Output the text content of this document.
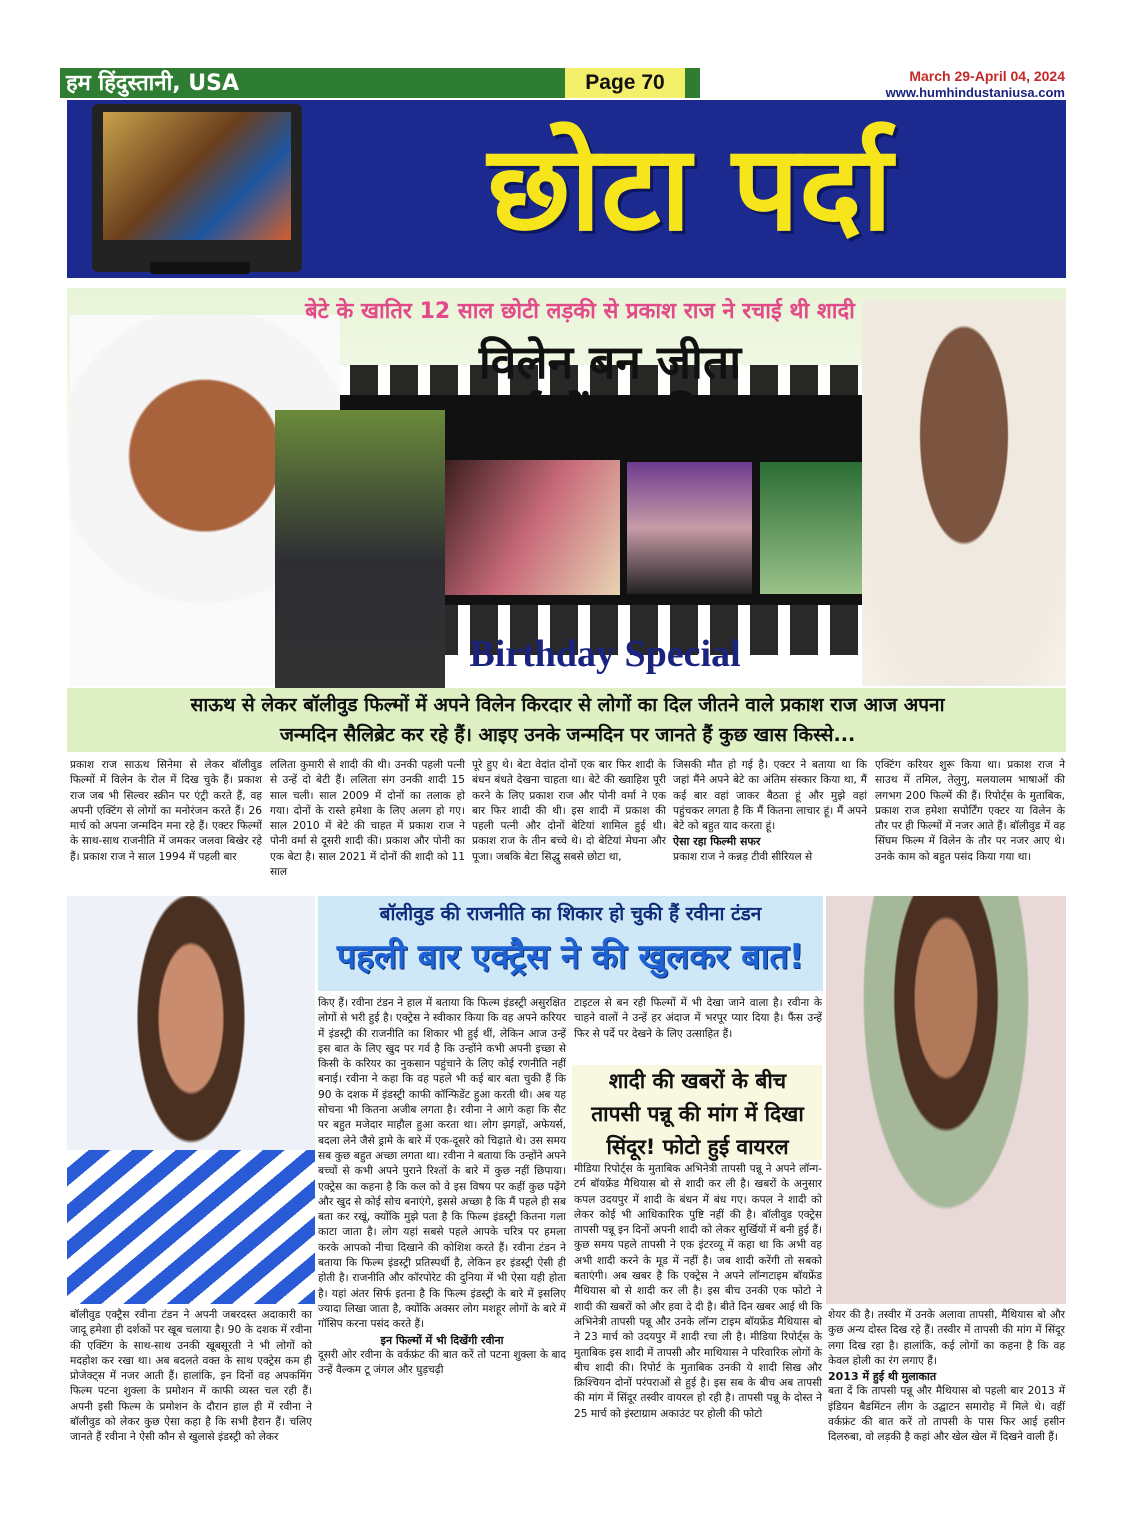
हम हिंदुस्तानी, USA	Page 70	March 29-April 04, 2024
www.humhindustaniusa.com
छोटा पर्दा
बेटे के खातिर 12 साल छोटी लड़की से प्रकाश राज ने रचाई थी शादी
विलेन बन जीता
दर्शकों का दिल
Birthday Special
साऊथ से लेकर बॉलीवुड फिल्मों में अपने विलेन किरदार से लोगों का दिल जीतने वाले प्रकाश राज आज अपना
जन्मदिन सैलिब्रेट कर रहे हैं। आइए उनके जन्मदिन पर जानते हैं कुछ खास किस्से...

प्रकाश राज साऊथ सिनेमा से लेकर बॉलीवुड फिल्मों में विलेन के रोल में दिख चुके हैं। प्रकाश राज जब भी सिल्वर स्क्रीन पर एंट्री करते हैं, वह अपनी एक्टिंग से लोगों का मनोरंजन करते हैं। 26 मार्च को अपना जन्मदिन मना रहे हैं। एक्टर फिल्मों के साथ-साथ राजनीति में जमकर जलवा बिखेर रहे हैं। प्रकाश राज ने साल 1994 में पहली बार

ललिता कुमारी से शादी की थी। उनकी पहली पत्नी से उन्हें दो बेटी हैं। ललिता संग उनकी शादी 15 साल चली। साल 2009 में दोनों का तलाक हो गया। दोनों के रास्ते हमेशा के लिए अलग हो गए। साल 2010 में बेटे की चाहत में प्रकाश राज ने पोनी वर्मा से दूसरी शादी की। प्रकाश और पोनी का एक बेटा है। साल 2021 में दोनों की शादी को 11 साल

पूरे हुए थे। बेटा वेदांत दोनों एक बार फिर शादी के बंधन बंधते देखना चाहता था। बेटे की ख्वाहिश पूरी करने के लिए प्रकाश राज और पोनी वर्मा ने एक बार फिर शादी की थी। इस शादी में प्रकाश की पहली पत्नी और दोनों बेटियां शामिल हुई थी। प्रकाश राज के तीन बच्चे थे। दो बेटियां मेघना और पूजा। जबकि बेटा सिद्धु सबसे छोटा था,

जिसकी मौत हो गई है। एक्टर ने बताया था कि जहां मैंने अपने बेटे का अंतिम संस्कार किया था, मैं कई बार वहां जाकर बैठता हूं और मुझे वहां पहुंचकर लगता है कि मैं कितना लाचार हूं। मैं अपने बेटे को बहुत याद करता हूं।

ऐसा रहा फिल्मी सफर

प्रकाश राज ने कन्नड़ टीवी सीरियल से

एक्टिंग करियर शुरू किया था। प्रकाश राज ने साउथ में तमिल, तेलुगु, मलयालम भाषाओं की लगभग 200 फिल्में की हैं। रिपोर्ट्स के मुताबिक, प्रकाश राज हमेशा सपोर्टिंग एक्टर या विलेन के तौर पर ही फिल्मों में नजर आते हैं। बॉलीवुड में वह सिंघम फिल्म में विलेन के तौर पर नजर आए थे। उनके काम को बहुत पसंद किया गया था।

बॉलीवुड की राजनीति का शिकार हो चुकी हैं रवीना टंडन
पहली बार एक्ट्रैस ने की खुलकर बात!

बॉलीवुड एक्ट्रैस रवीना टंडन ने अपनी जबरदस्त अदाकारी का जादू हमेशा ही दर्शकों पर खूब चलाया है। 90 के दशक में रवीना की एक्टिंग के साथ-साथ उनकी खूबसूरती ने भी लोगों को मदहोश कर रखा था। अब बदलते वक्त के साथ एक्ट्रेस कम ही प्रोजेक्ट्स में नजर आती हैं। हालांकि, इन दिनों वह अपकमिंग फिल्म पटना शुक्ला के प्रमोशन में काफी व्यस्त चल रही हैं। अपनी इसी फिल्म के प्रमोशन के दौरान हाल ही में रवीना ने बॉलीवुड को लेकर कुछ ऐसा कहा है कि सभी हैरान हैं। चलिए जानते हैं रवीना ने ऐसी कौन से खुलासे इंडस्ट्री को लेकर

किए हैं। रवीना टंडन ने हाल में बताया कि फिल्म इंडस्ट्री असुरक्षित लोगों से भरी हुई है। एक्ट्रेस ने स्वीकार किया कि वह अपने करियर में इंडस्ट्री की राजनीति का शिकार भी हुई थीं, लेकिन आज उन्हें इस बात के लिए खुद पर गर्व है कि उन्होंने कभी अपनी इच्छा से किसी के करियर का नुकसान पहुंचाने के लिए कोई रणनीति नहीं बनाई। रवीना ने कहा कि वह पहले भी कई बार बता चुकी हैं कि 90 के दशक में इंडस्ट्री काफी कॉन्फिडेंट हुआ करती थी। अब यह सोचना भी कितना अजीब लगता है। रवीना ने आगे कहा कि सैट पर बहुत मजेदार माहौल हुआ करता था। लोग झगड़ों, अफेयर्स, बदला लेने जैसे ड्रामे के बारे में एक-दूसरे को चिढ़ाते थे। उस समय सब कुछ बहुत अच्छा लगता था। रवीना ने बताया कि उन्होंने अपने बच्चों से कभी अपने पुराने रिश्तों के बारे में कुछ नहीं छिपाया। एक्ट्रेस का कहना है कि कल को वे इस विषय पर कहीं कुछ पढ़ेंगे और खुद से कोई सोच बनाएंगे, इससे अच्छा है कि मैं पहले ही सब बता कर रखूं, क्योंकि मुझे पता है कि फिल्म इंडस्ट्री कितना गला काटा जाता है। लोग यहां सबसे पहले आपके चरित्र पर हमला करके आपको नीचा दिखाने की कोशिश करते हैं। रवीना टंडन ने बताया कि फिल्म इंडस्ट्री प्रतिस्पर्धी है, लेकिन हर इंडस्ट्री ऐसी ही होती है। राजनीति और कॉरपोरेट की दुनिया में भी ऐसा यही होता है। यहां अंतर सिर्फ इतना है कि फिल्म इंडस्ट्री के बारे में इसलिए ज्यादा लिखा जाता है, क्योंकि अक्सर लोग मशहूर लोगों के बारे में गॉसिप करना पसंद करते हैं।

इन फिल्मों में भी दिखेंगी रवीना

दूसरी ओर रवीना के वर्कफ्रंट की बात करें तो पटना शुक्ला के बाद उन्हें वैल्कम टू जंगल और घुड़चढ़ी

टाइटल से बन रही फिल्मों में भी देखा जाने वाला है। रवीना के चाहने वालों ने उन्हें हर अंदाज में भरपूर प्यार दिया है। फैंस उन्हें फिर से पर्दे पर देखने के लिए उत्साहित हैं।

शादी की खबरों के बीच
तापसी पन्नू की मांग में दिखा
सिंदूर! फोटो हुई वायरल

मीडिया रिपोर्ट्स के मुताबिक अभिनेत्री तापसी पन्नू ने अपने लॉन्ग-टर्म बॉयफ्रेंड मैथियास बो से शादी कर ली है। खबरों के अनुसार कपल उदयपुर में शादी के बंधन में बंध गए। कपल ने शादी को लेकर कोई भी आधिकारिक पुष्टि नहीं की है। बॉलीवुड एक्ट्रेस तापसी पन्नू इन दिनों अपनी शादी को लेकर सुर्खियों में बनी हुई हैं। कुछ समय पहले तापसी ने एक इंटरव्यू में कहा था कि अभी वह अभी शादी करने के मूड में नहीं है। जब शादी करेंगी तो सबको बताएंगी। अब खबर है कि एक्ट्रेस ने अपने लॉन्गटाइम बॉयफ्रेंड मैथियास बो से शादी कर ली है। इस बीच उनकी एक फोटो ने शादी की खबरों को और हवा दे दी है। बीते दिन खबर आई थी कि अभिनेत्री तापसी पन्नू और उनके लॉन्ग टाइम बॉयफ्रेंड मैथियास बो ने 23 मार्च को उदयपुर में शादी रचा ली है। मीडिया रिपोर्ट्स के मुताबिक इस शादी में तापसी और माथियास ने परिवारिक लोगों के बीच शादी की। रिपोर्ट के मुताबिक उनकी ये शादी सिख और क्रिश्चियन दोनों परंपराओं से हुई है। इस सब के बीच अब तापसी की मांग में सिंदूर तस्वीर वायरल हो रही है। तापसी पन्नू के दोस्त ने 25 मार्च को इंस्टाग्राम अकाउंट पर होली की फोटो

शेयर की है। तस्वीर में उनके अलावा तापसी, मैथियास बो और कुछ अन्य दोस्त दिख रहे हैं। तस्वीर में तापसी की मांग में सिंदूर लगा दिख रहा है। हालांकि, कई लोगों का कहना है कि वह केवल होली का रंग लगाए हैं।

2013 में हुई थी मुलाकात

बता दें कि तापसी पन्नू और मैथियास बो पहली बार 2013 में इंडियन बैडमिंटन लीग के उद्घाटन समारोह में मिले थे। वहीं वर्कफ्रंट की बात करें तो तापसी के पास फिर आई हसीन दिलरुबा, वो लड़की है कहां और खेल खेल में दिखने वाली हैं।
